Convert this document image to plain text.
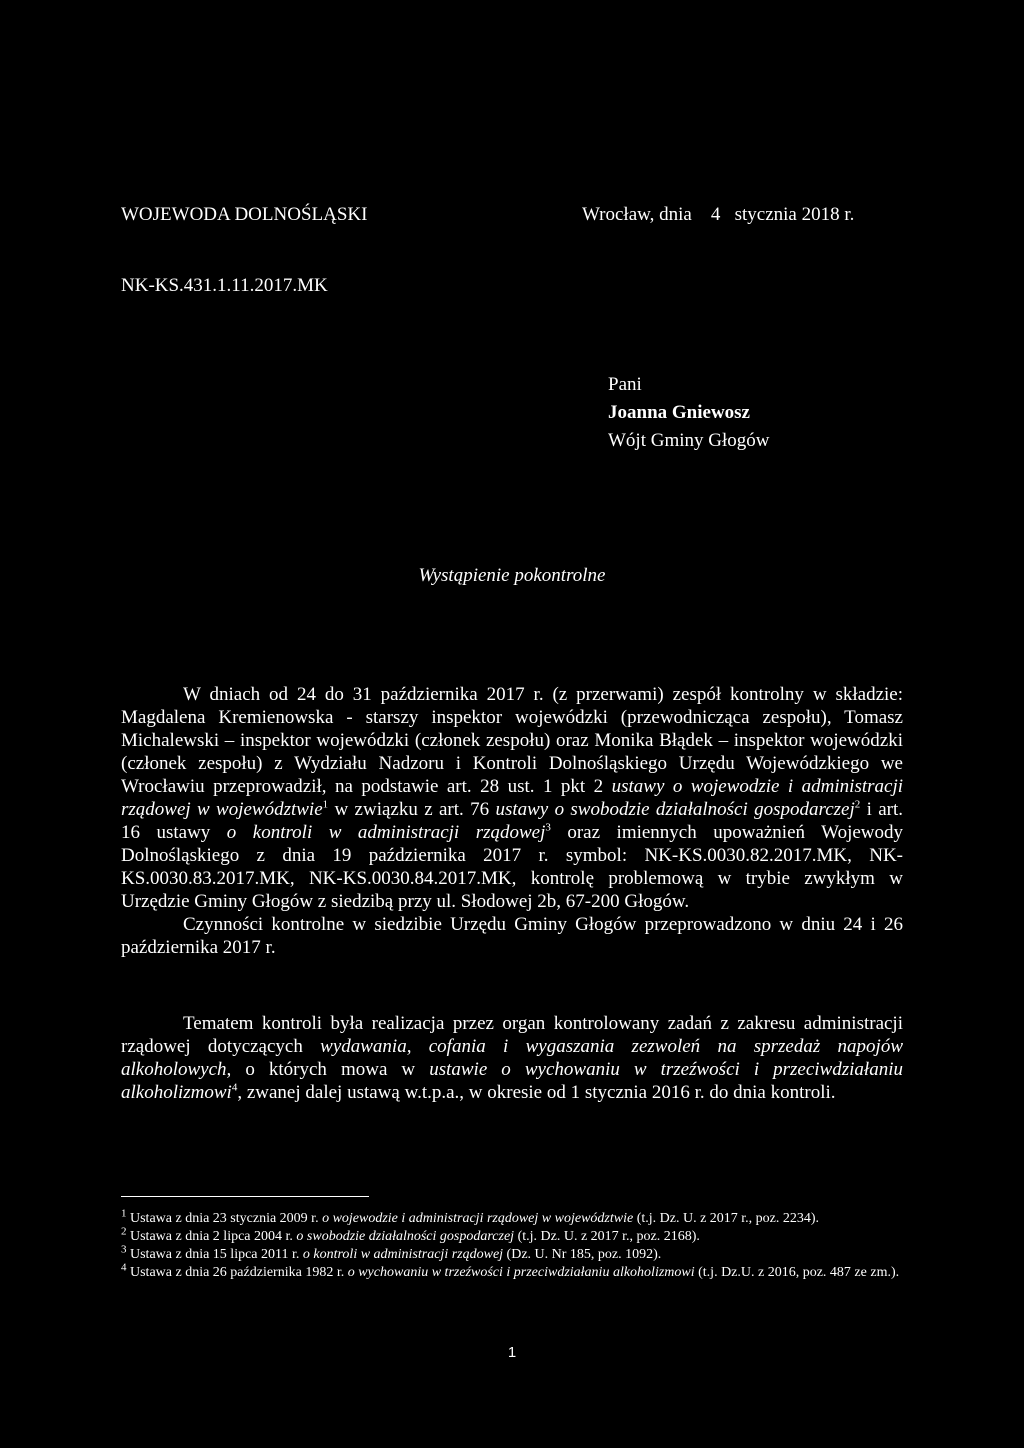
WOJEWODA DOLNOŚLĄSKI	Wrocław, dnia 4 stycznia 2018 r.
NK-KS.431.1.11.2017.MK
Pani
Joanna Gniewosz
Wójt Gminy Głogów
Wystąpienie pokontrolne

W dniach od 24 do 31 października 2017 r. (z przerwami) zespół kontrolny w składzie: Magdalena Kremienowska - starszy inspektor wojewódzki (przewodnicząca zespołu), Tomasz Michalewski – inspektor wojewódzki (członek zespołu) oraz Monika Błądek – inspektor wojewódzki (członek zespołu) z Wydziału Nadzoru i Kontroli Dolnośląskiego Urzędu Wojewódzkiego we Wrocławiu przeprowadził, na podstawie art. 28 ust. 1 pkt 2 ustawy o wojewodzie i administracji rządowej w województwie$^1$ w związku z art. 76 ustawy o swobodzie działalności gospodarczej$^2$ i art. 16 ustawy o kontroli w administracji rządowej$^3$ oraz imiennych upoważnień Wojewody Dolnośląskiego z dnia 19 października 2017 r. symbol: NK-KS.0030.82.2017.MK, NK-KS.0030.83.2017.MK, NK-KS.0030.84.2017.MK, kontrolę problemową w trybie zwykłym w Urzędzie Gminy Głogów z siedzibą przy ul. Słodowej 2b, 67-200 Głogów.

Czynności kontrolne w siedzibie Urzędu Gminy Głogów przeprowadzono w dniu 24 i 26 października 2017 r.

Tematem kontroli była realizacja przez organ kontrolowany zadań z zakresu administracji rządowej dotyczących wydawania, cofania i wygaszania zezwoleń na sprzedaż napojów alkoholowych, o których mowa w ustawie o wychowaniu w trzeźwości i przeciwdziałaniu alkoholizmowi$^4$, zwanej dalej ustawą w.t.p.a., w okresie od 1 stycznia 2016 r. do dnia kontroli.

$^1$ Ustawa z dnia 23 stycznia 2009 r. o wojewodzie i administracji rządowej w województwie (t.j. Dz. U. z 2017 r., poz. 2234).

$^2$ Ustawa z dnia 2 lipca 2004 r. o swobodzie działalności gospodarczej (t.j. Dz. U. z 2017 r., poz. 2168).

$^3$ Ustawa z dnia 15 lipca 2011 r. o kontroli w administracji rządowej (Dz. U. Nr 185, poz. 1092).

$^4$ Ustawa z dnia 26 października 1982 r. o wychowaniu w trzeźwości i przeciwdziałaniu alkoholizmowi (t.j. Dz.U. z 2016, poz. 487 ze zm.).

1
